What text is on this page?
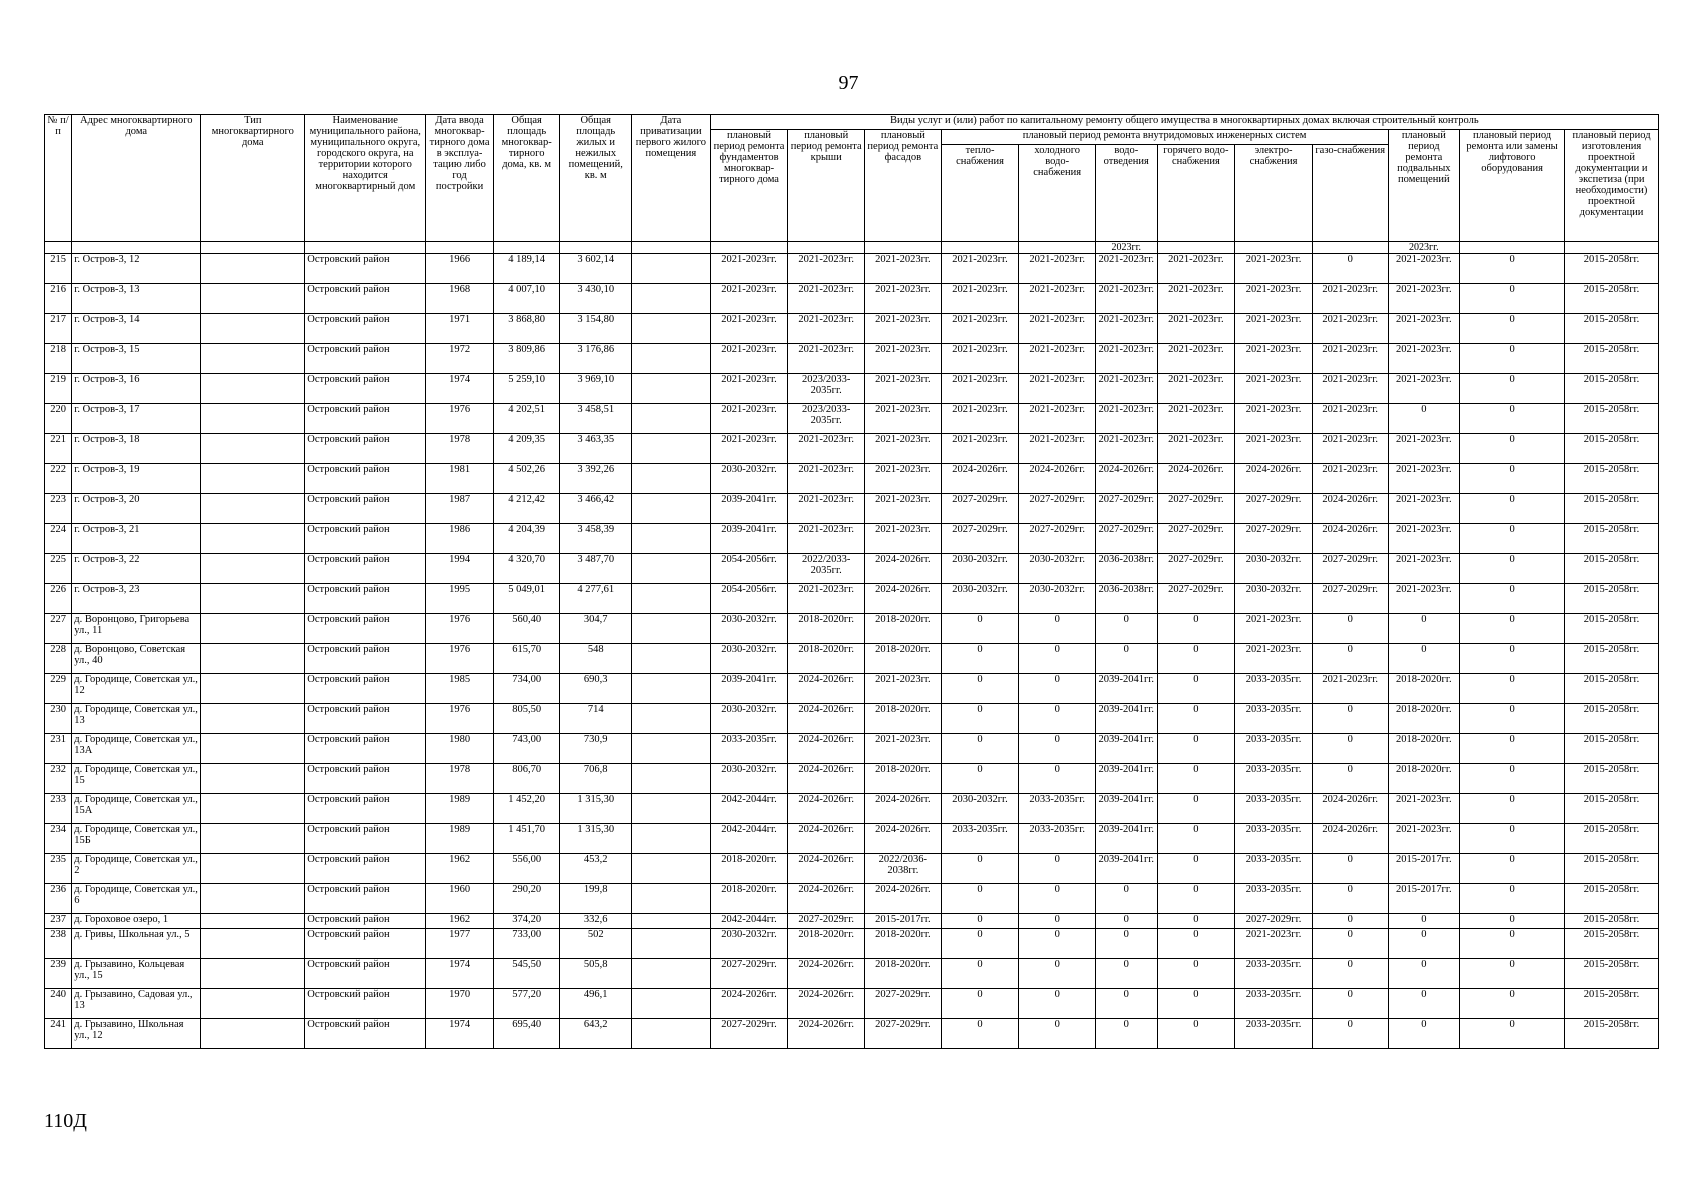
97
№ п/п	Адрес многоквартирного дома	Тип многоквартирного дома	Наименование муниципального района, муниципального округа, городского округа, на территории которого находится многоквартирный дом	Дата ввода многоквар-тирного дома в эксплуа-тацию либо год постройки	Общая площадь многоквар-тирного дома, кв. м	Общая площадь жилых и нежилых помещений, кв. м	Дата приватизации первого жилого помещения	Виды услуг и (или) работ по капитальному ремонту общего имущества в многоквартирных домах включая строительный контроль											
								плановый период ремонта фундаментов многоквар-тирного дома	плановый период ремонта крыши	плановый период ремонта фасадов	плановый период ремонта внутридомовых инженерных систем						плановый период ремонта подвальных помещений	плановый период ремонта или замены лифтового оборудования	плановый период изготовления проектной документации и экспетиза (при необходимости) проектной документации
											тепло-снабжения	холодного водо-снабжения	водо-отведения	горячего водо-снабжения	электро-снабжения	газо-снабжения			
													2023гг.				2023гг.		
215	г. Остров-3, 12		Островский район	1966	4 189,14	3 602,14		2021-2023гг.	2021-2023гг.	2021-2023гг.	2021-2023гг.	2021-2023гг.	2021-2023гг.	2021-2023гг.	2021-2023гг.	0	2021-2023гг.	0	2015-2058гг.
216	г. Остров-3, 13		Островский район	1968	4 007,10	3 430,10		2021-2023гг.	2021-2023гг.	2021-2023гг.	2021-2023гг.	2021-2023гг.	2021-2023гг.	2021-2023гг.	2021-2023гг.	2021-2023гг.	2021-2023гг.	0	2015-2058гг.
217	г. Остров-3, 14		Островский район	1971	3 868,80	3 154,80		2021-2023гг.	2021-2023гг.	2021-2023гг.	2021-2023гг.	2021-2023гг.	2021-2023гг.	2021-2023гг.	2021-2023гг.	2021-2023гг.	2021-2023гг.	0	2015-2058гг.
218	г. Остров-3, 15		Островский район	1972	3 809,86	3 176,86		2021-2023гг.	2021-2023гг.	2021-2023гг.	2021-2023гг.	2021-2023гг.	2021-2023гг.	2021-2023гг.	2021-2023гг.	2021-2023гг.	2021-2023гг.	0	2015-2058гг.
219	г. Остров-3, 16		Островский район	1974	5 259,10	3 969,10		2021-2023гг.	2023/2033-2035гг.	2021-2023гг.	2021-2023гг.	2021-2023гг.	2021-2023гг.	2021-2023гг.	2021-2023гг.	2021-2023гг.	2021-2023гг.	0	2015-2058гг.
220	г. Остров-3, 17		Островский район	1976	4 202,51	3 458,51		2021-2023гг.	2023/2033-2035гг.	2021-2023гг.	2021-2023гг.	2021-2023гг.	2021-2023гг.	2021-2023гг.	2021-2023гг.	2021-2023гг.	0	0	2015-2058гг.
221	г. Остров-3, 18		Островский район	1978	4 209,35	3 463,35		2021-2023гг.	2021-2023гг.	2021-2023гг.	2021-2023гг.	2021-2023гг.	2021-2023гг.	2021-2023гг.	2021-2023гг.	2021-2023гг.	2021-2023гг.	0	2015-2058гг.
222	г. Остров-3, 19		Островский район	1981	4 502,26	3 392,26		2030-2032гг.	2021-2023гг.	2021-2023гг.	2024-2026гг.	2024-2026гг.	2024-2026гг.	2024-2026гг.	2024-2026гг.	2021-2023гг.	2021-2023гг.	0	2015-2058гг.
223	г. Остров-3, 20		Островский район	1987	4 212,42	3 466,42		2039-2041гг.	2021-2023гг.	2021-2023гг.	2027-2029гг.	2027-2029гг.	2027-2029гг.	2027-2029гг.	2027-2029гг.	2024-2026гг.	2021-2023гг.	0	2015-2058гг.
224	г. Остров-3, 21		Островский район	1986	4 204,39	3 458,39		2039-2041гг.	2021-2023гг.	2021-2023гг.	2027-2029гг.	2027-2029гг.	2027-2029гг.	2027-2029гг.	2027-2029гг.	2024-2026гг.	2021-2023гг.	0	2015-2058гг.
225	г. Остров-3, 22		Островский район	1994	4 320,70	3 487,70		2054-2056гг.	2022/2033-2035гг.	2024-2026гг.	2030-2032гг.	2030-2032гг.	2036-2038гг.	2027-2029гг.	2030-2032гг.	2027-2029гг.	2021-2023гг.	0	2015-2058гг.
226	г. Остров-3, 23		Островский район	1995	5 049,01	4 277,61		2054-2056гг.	2021-2023гг.	2024-2026гг.	2030-2032гг.	2030-2032гг.	2036-2038гг.	2027-2029гг.	2030-2032гг.	2027-2029гг.	2021-2023гг.	0	2015-2058гг.
227	д. Воронцово, Григорьева ул., 11		Островский район	1976	560,40	304,7		2030-2032гг.	2018-2020гг.	2018-2020гг.	0	0	0	0	2021-2023гг.	0	0	0	2015-2058гг.
228	д. Воронцово, Советская ул., 40		Островский район	1976	615,70	548		2030-2032гг.	2018-2020гг.	2018-2020гг.	0	0	0	0	2021-2023гг.	0	0	0	2015-2058гг.
229	д. Городище, Советская ул., 12		Островский район	1985	734,00	690,3		2039-2041гг.	2024-2026гг.	2021-2023гг.	0	0	2039-2041гг.	0	2033-2035гг.	2021-2023гг.	2018-2020гг.	0	2015-2058гг.
230	д. Городище, Советская ул., 13		Островский район	1976	805,50	714		2030-2032гг.	2024-2026гг.	2018-2020гг.	0	0	2039-2041гг.	0	2033-2035гг.	0	2018-2020гг.	0	2015-2058гг.
231	д. Городище, Советская ул., 13А		Островский район	1980	743,00	730,9		2033-2035гг.	2024-2026гг.	2021-2023гг.	0	0	2039-2041гг.	0	2033-2035гг.	0	2018-2020гг.	0	2015-2058гг.
232	д. Городище, Советская ул., 15		Островский район	1978	806,70	706,8		2030-2032гг.	2024-2026гг.	2018-2020гг.	0	0	2039-2041гг.	0	2033-2035гг.	0	2018-2020гг.	0	2015-2058гг.
233	д. Городище, Советская ул., 15А		Островский район	1989	1 452,20	1 315,30		2042-2044гг.	2024-2026гг.	2024-2026гг.	2030-2032гг.	2033-2035гг.	2039-2041гг.	0	2033-2035гг.	2024-2026гг.	2021-2023гг.	0	2015-2058гг.
234	д. Городище, Советская ул., 15Б		Островский район	1989	1 451,70	1 315,30		2042-2044гг.	2024-2026гг.	2024-2026гг.	2033-2035гг.	2033-2035гг.	2039-2041гг.	0	2033-2035гг.	2024-2026гг.	2021-2023гг.	0	2015-2058гг.
235	д. Городище, Советская ул., 2		Островский район	1962	556,00	453,2		2018-2020гг.	2024-2026гг.	2022/2036-2038гг.	0	0	2039-2041гг.	0	2033-2035гг.	0	2015-2017гг.	0	2015-2058гг.
236	д. Городище, Советская ул., 6		Островский район	1960	290,20	199,8		2018-2020гг.	2024-2026гг.	2024-2026гг.	0	0	0	0	2033-2035гг.	0	2015-2017гг.	0	2015-2058гг.
237	д. Гороховое озеро, 1		Островский район	1962	374,20	332,6		2042-2044гг.	2027-2029гг.	2015-2017гг.	0	0	0	0	2027-2029гг.	0	0	0	2015-2058гг.
238	д. Гривы, Школьная ул., 5		Островский район	1977	733,00	502		2030-2032гг.	2018-2020гг.	2018-2020гг.	0	0	0	0	2021-2023гг.	0	0	0	2015-2058гг.
239	д. Грызавино, Кольцевая ул., 15		Островский район	1974	545,50	505,8		2027-2029гг.	2024-2026гг.	2018-2020гг.	0	0	0	0	2033-2035гг.	0	0	0	2015-2058гг.
240	д. Грызавино, Садовая ул., 13		Островский район	1970	577,20	496,1		2024-2026гг.	2024-2026гг.	2027-2029гг.	0	0	0	0	2033-2035гг.	0	0	0	2015-2058гг.
241	д. Грызавино, Школьная ул., 12		Островский район	1974	695,40	643,2		2027-2029гг.	2024-2026гг.	2027-2029гг.	0	0	0	0	2033-2035гг.	0	0	0	2015-2058гг.
110Д
